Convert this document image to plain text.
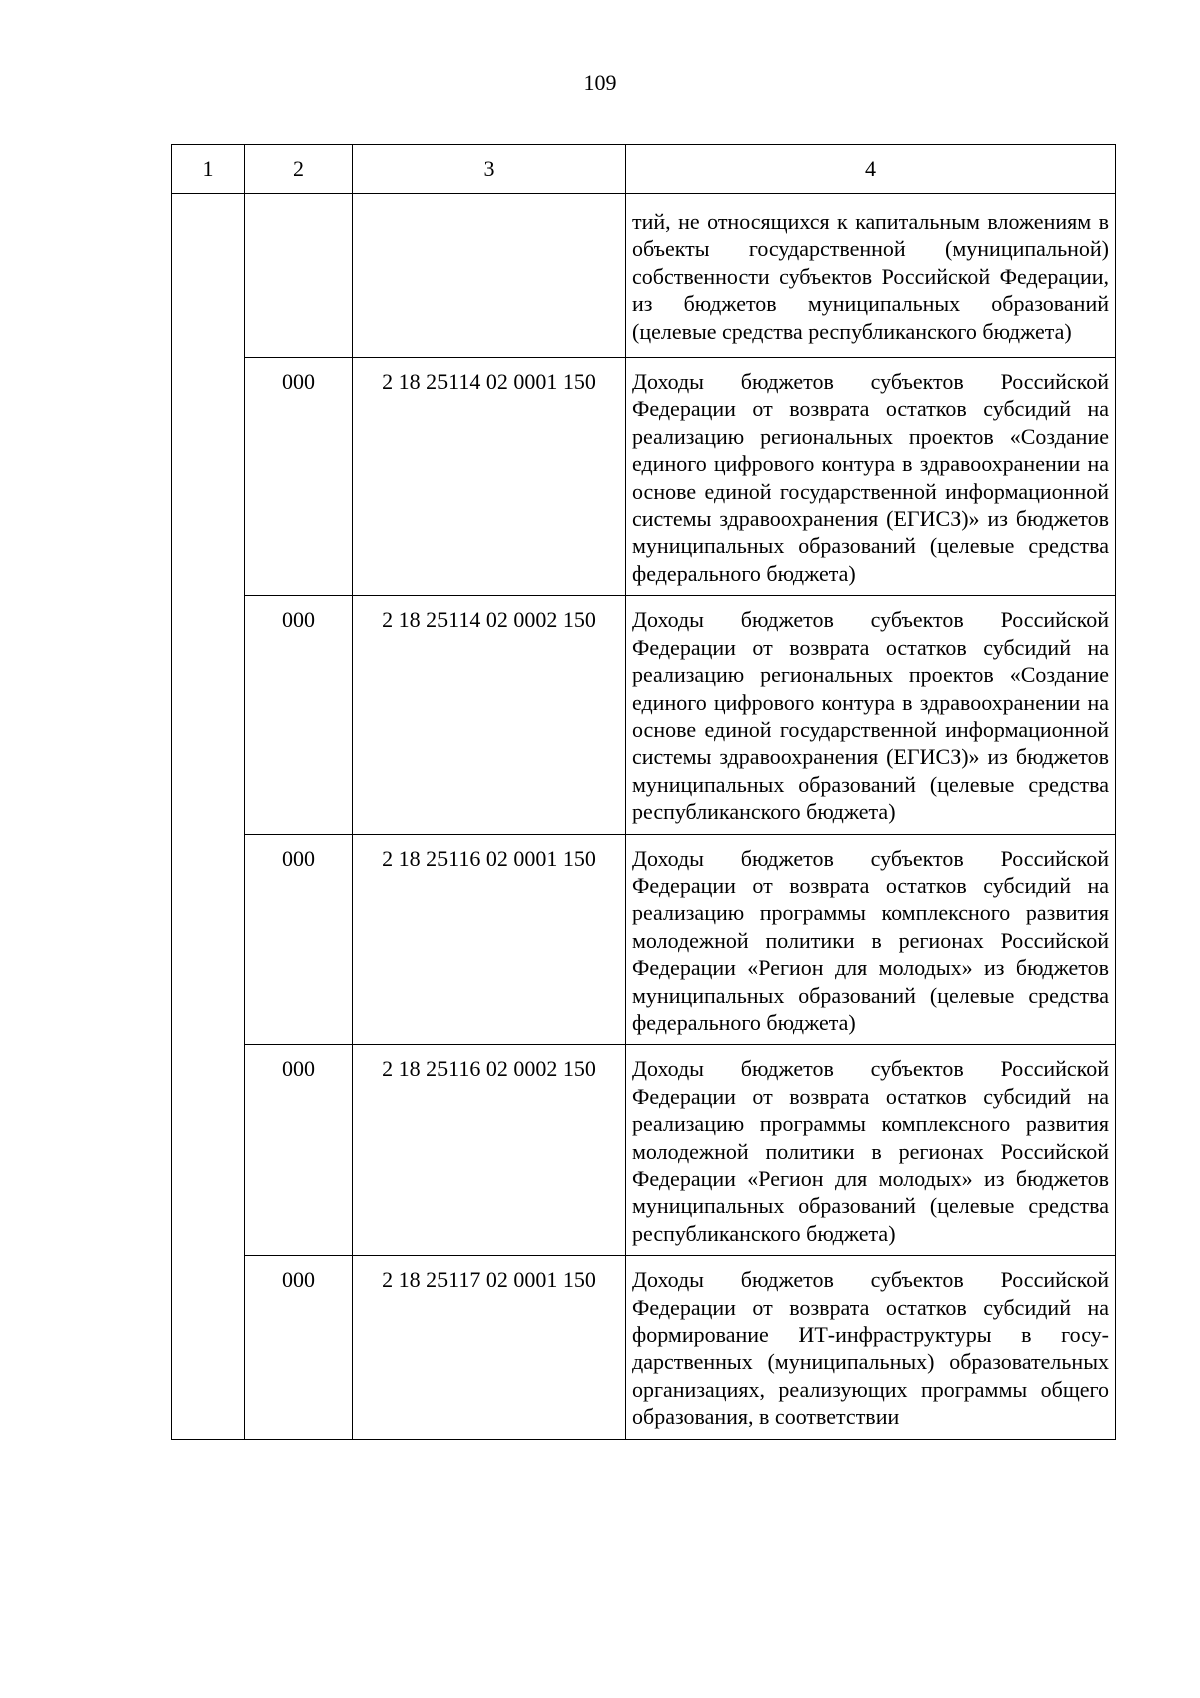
109
1	2	3	4
			тий, не относящихся к капитальным вложениям в объекты государственной (муниципальной) собственности субъектов Российской Федерации, из бюджетов муниципальных образований (целевые средства республиканского бюджета)
	000	2 18 25114 02 0001 150	Доходы бюджетов субъектов Российской Федерации от возврата остатков субсидий на реализацию региональных проектов «Создание единого цифрового контура в здравоохранении на основе единой государственной информационной системы здравоохранения (ЕГИСЗ)» из бюджетов муниципальных образований (целевые средства федерального бюджета)
	000	2 18 25114 02 0002 150	Доходы бюджетов субъектов Российской Федерации от возврата остатков субсидий на реализацию региональных проектов «Создание единого цифрового контура в здравоохранении на основе единой государственной информационной системы здравоохранения (ЕГИСЗ)» из бюджетов муниципальных образований (целевые средства республиканского бюджета)
	000	2 18 25116 02 0001 150	Доходы бюджетов субъектов Российской Федерации от возврата остатков субсидий на реализацию программы комплексного развития молодежной политики в регионах Российской Федерации «Регион для молодых» из бюджетов муниципальных образований (целевые средства федерального бюджета)
	000	2 18 25116 02 0002 150	Доходы бюджетов субъектов Российской Федерации от возврата остатков субсидий на реализацию программы комплексного развития молодежной политики в регионах Российской Федерации «Регион для молодых» из бюджетов муниципальных образований (целевые средства республиканского бюджета)
	000	2 18 25117 02 0001 150	Доходы бюджетов субъектов Российской Федерации от возврата остатков субсидий на формирование ИТ-инфраструктуры в государственных (муниципальных) образовательных организациях, реализующих программы общего образования, в соответствии
